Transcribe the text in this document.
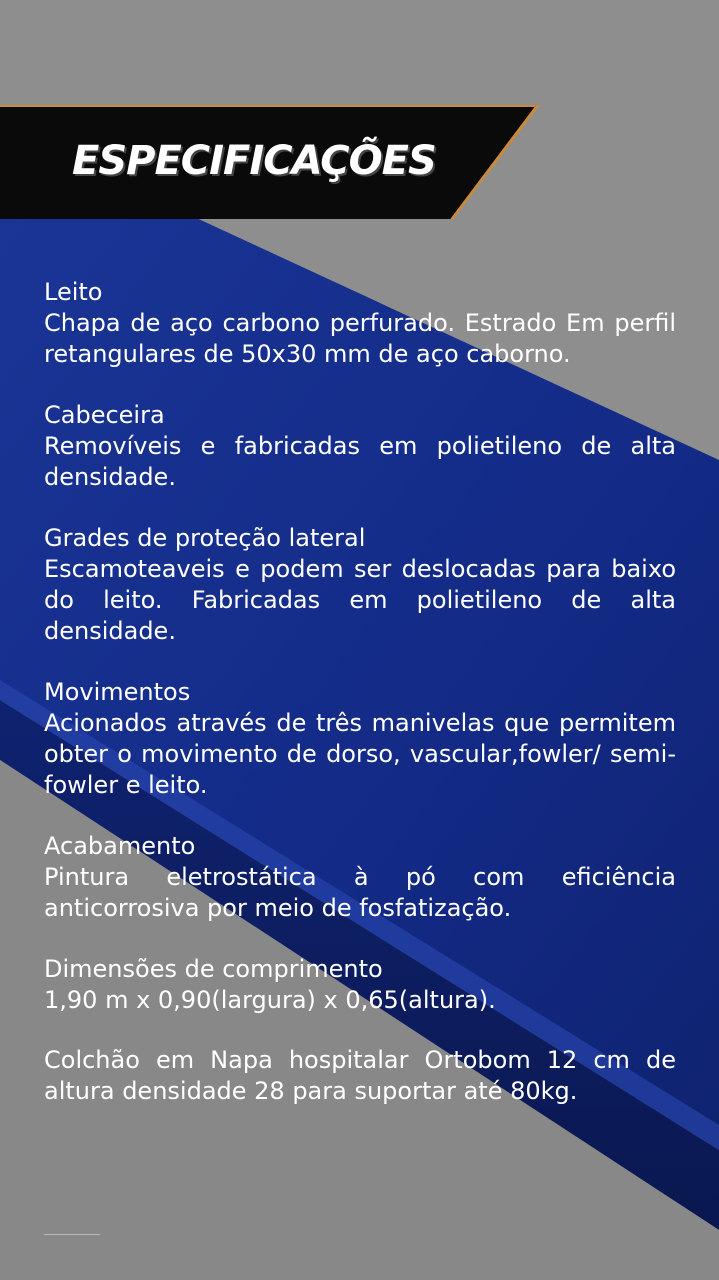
ESPECIFICAÇÕES
Leito
Chapa de aço carbono perfurado. Estrado Em perfil retangulares de 50x30 mm de aço caborno.
Cabeceira
Removíveis e fabricadas em polietileno de alta densidade.
Grades de proteção lateral
Escamoteaveis e podem ser deslocadas para baixo do leito. Fabricadas em polietileno de alta densidade.
Movimentos
Acionados através de três manivelas que permitem obter o movimento de dorso, vascular,fowler/ semi-fowler e leito.
Acabamento
Pintura eletrostática à pó com eficiência anticorrosiva por meio de fosfatização.
Dimensões de comprimento
1,90 m x 0,90(largura) x 0,65(altura).
Colchão em Napa hospitalar Ortobom 12 cm de altura densidade 28 para suportar até 80kg.
